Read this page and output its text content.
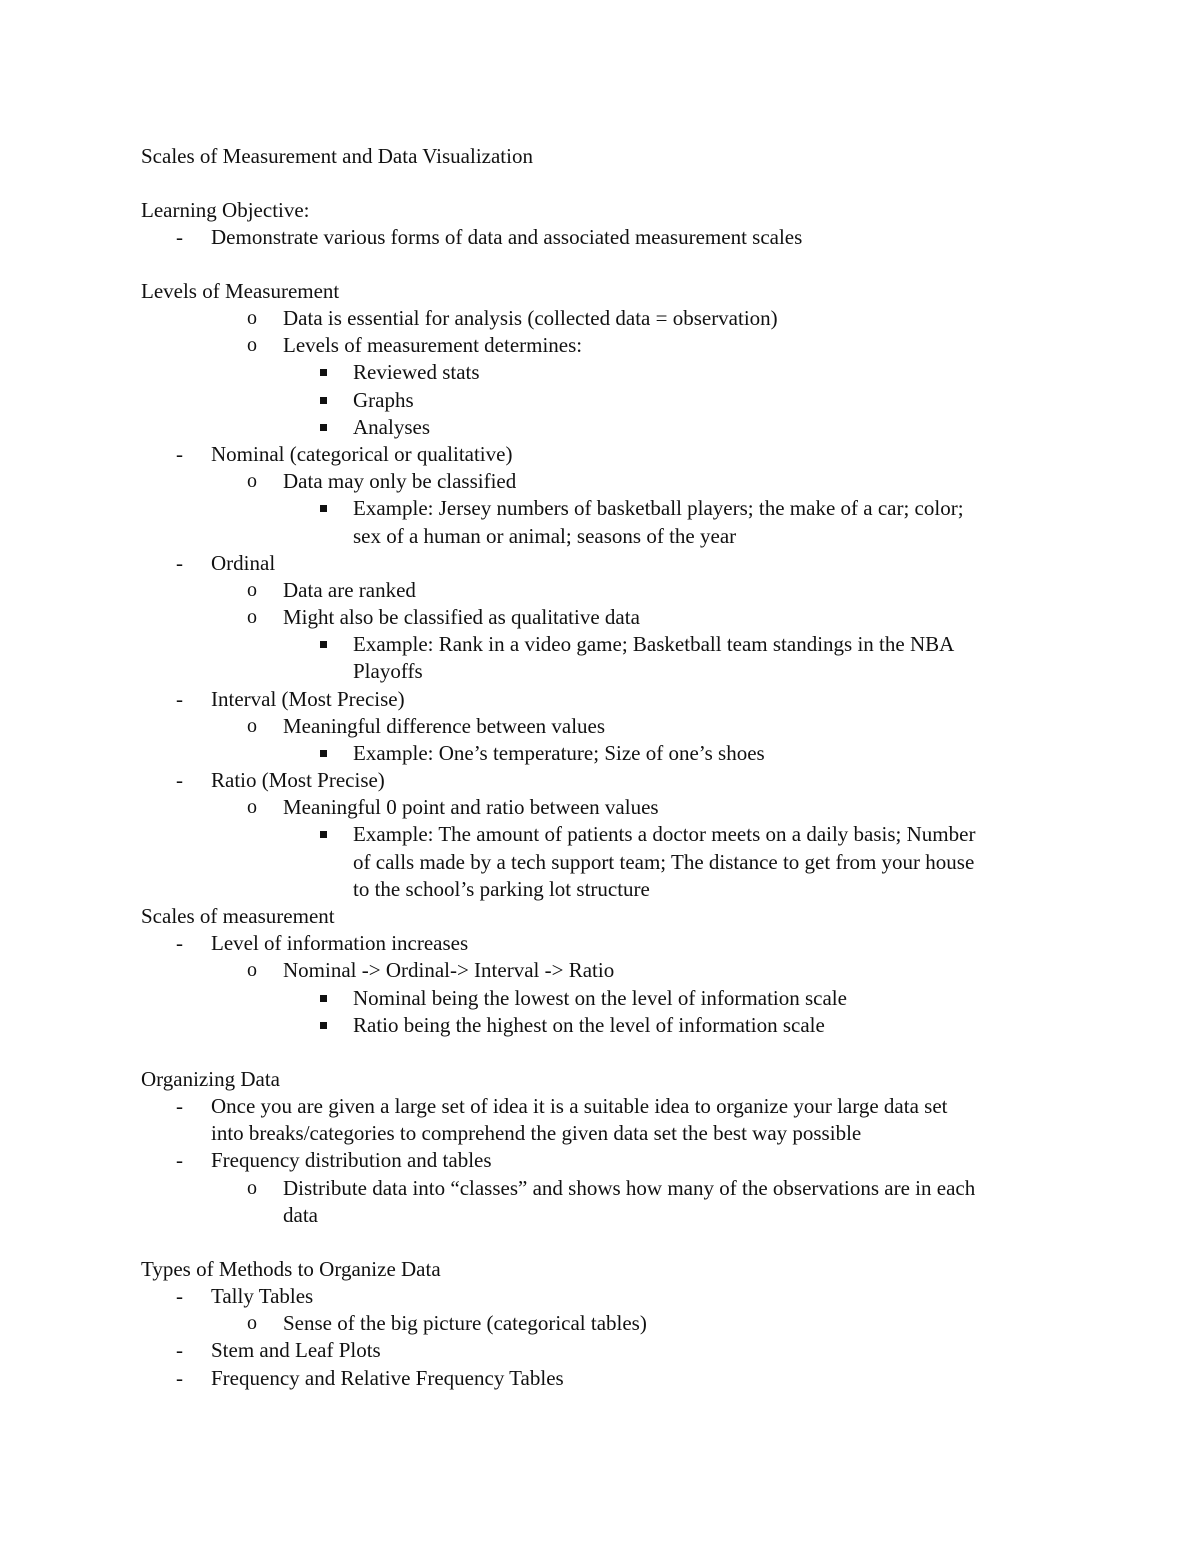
Scales of Measurement and Data Visualization
Learning Objective:
-	Demonstrate various forms of data and associated measurement scales
Levels of Measurement
o Data is essential for analysis (collected data = observation)
o Levels of measurement determines:
Reviewed stats
Graphs
Analyses
-	Nominal (categorical or qualitative)
o Data may only be classified
Example: Jersey numbers of basketball players; the make of a car; color;
sex of a human or animal; seasons of the year
-	Ordinal
o Data are ranked
o Might also be classified as qualitative data
Example: Rank in a video game; Basketball team standings in the NBA
Playoffs
-	Interval (Most Precise)
o Meaningful difference between values
Example: One’s temperature; Size of one’s shoes
-	Ratio (Most Precise)
o Meaningful 0 point and ratio between values
Example: The amount of patients a doctor meets on a daily basis; Number
of calls made by a tech support team; The distance to get from your house
to the school’s parking lot structure
Scales of measurement
-	Level of information increases
o Nominal -> Ordinal-> Interval -> Ratio
Nominal being the lowest on the level of information scale
Ratio being the highest on the level of information scale
Organizing Data
-	Once you are given a large set of idea it is a suitable idea to organize your large data set
into breaks/categories to comprehend the given data set the best way possible
-	Frequency distribution and tables
o Distribute data into “classes” and shows how many of the observations are in each
data
Types of Methods to Organize Data
-	Tally Tables
o Sense of the big picture (categorical tables)
-	Stem and Leaf Plots
-	Frequency and Relative Frequency Tables
